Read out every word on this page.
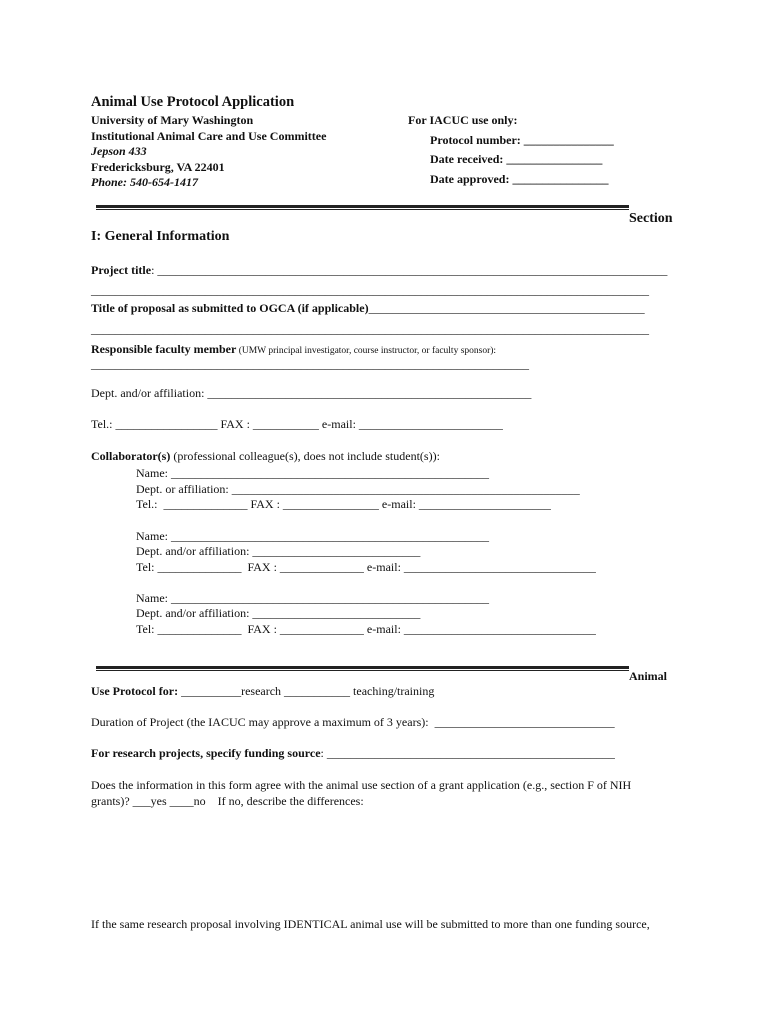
Animal Use Protocol Application
University of Mary Washington
Institutional Animal Care and Use Committee
Jepson 433
Fredericksburg, VA 22401
Phone: 540-654-1417
For IACUC use only:
Protocol number: _______________
Date received: ________________
Date approved: ________________
Section
I: General Information
Project title: _____________________________________________________________________________________
_____________________________________________________________________________________________
Title of proposal as submitted to OGCA (if applicable)______________________________________________
_____________________________________________________________________________________________
Responsible faculty member (UMW principal investigator, course instructor, or faculty sponsor):
_________________________________________________________________________
Dept. and/or affiliation: ______________________________________________________
Tel.: _________________ FAX : ___________ e-mail: ________________________
Collaborator(s) (professional colleague(s), does not include student(s)):
Name: _____________________________________________________
Dept. or affiliation: __________________________________________________________
Tel.:  ______________ FAX : ________________ e-mail: ______________________
Name: _____________________________________________________
Dept. and/or affiliation: ____________________________
Tel: ______________  FAX : ______________ e-mail: ________________________________
Name: _____________________________________________________
Dept. and/or affiliation: ____________________________
Tel: ______________  FAX : ______________ e-mail: ________________________________
Animal
Use Protocol for: __________research ___________ teaching/training
Duration of Project (the IACUC may approve a maximum of 3 years):  ______________________________
For research projects, specify funding source: ________________________________________________
Does the information in this form agree with the animal use section of a grant application (e.g., section F of NIH
grants)? ___yes ____no    If no, describe the differences:
If the same research proposal involving IDENTICAL animal use will be submitted to more than one funding source,
